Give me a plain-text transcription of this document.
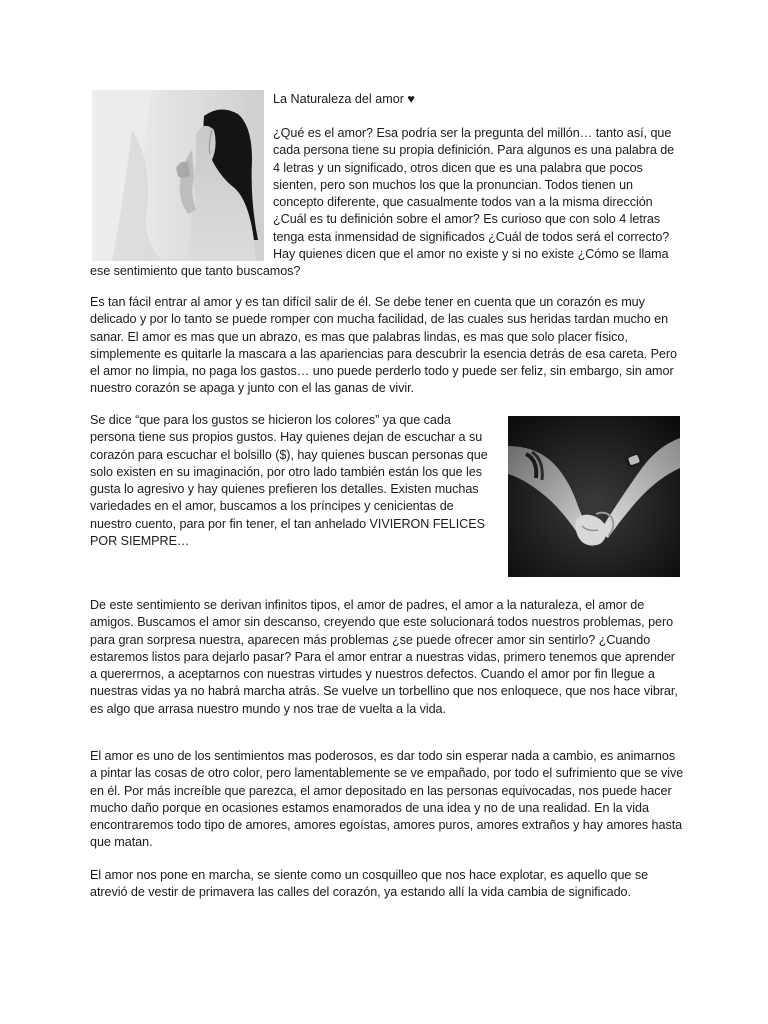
La Naturaleza del amor ♥

¿Qué es el amor? Esa podría ser la pregunta del millón… tanto así, que cada persona tiene su propia definición. Para algunos es una palabra de 4 letras y un significado, otros dicen que es una palabra que pocos sienten, pero son muchos los que la pronuncian. Todos tienen un concepto diferente, que casualmente todos van a la misma dirección ¿Cuál es tu definición sobre el amor? Es curioso que con solo 4 letras tenga esta inmensidad de significados ¿Cuál de todos será el correcto? Hay quienes dicen que el amor no existe y si no existe ¿Cómo se llama

ese sentimiento que tanto buscamos?

Es tan fácil entrar al amor y es tan difícil salir de él. Se debe tener en cuenta que un corazón es muy delicado y por lo tanto se puede romper con mucha facilidad, de las cuales sus heridas tardan mucho en sanar. El amor es mas que un abrazo, es mas que palabras lindas, es mas que solo placer físico, simplemente es quitarle la mascara a las apariencias para descubrir la esencia detrás de esa careta. Pero el amor no limpia, no paga los gastos… uno puede perderlo todo y puede ser feliz, sin embargo, sin amor nuestro corazón se apaga y junto con el las ganas de vivir.

Se dice “que para los gustos se hicieron los colores” ya que cada persona tiene sus propios gustos. Hay quienes dejan de escuchar a su corazón para escuchar el bolsillo ($), hay quienes buscan personas que solo existen en su imaginación, por otro lado también están los que les gusta lo agresivo y hay quienes prefieren los detalles. Existen muchas variedades en el amor, buscamos a los príncipes y cenicientas de nuestro cuento, para por fin tener, el tan anhelado VIVIERON FELICES POR SIEMPRE…

De este sentimiento se derivan infinitos tipos, el amor de padres, el amor a la naturaleza, el amor de amigos. Buscamos el amor sin descanso, creyendo que este solucionará todos nuestros problemas, pero para gran sorpresa nuestra, aparecen más problemas ¿se puede ofrecer amor sin sentirlo? ¿Cuando estaremos listos para dejarlo pasar? Para el amor entrar a nuestras vidas, primero tenemos que aprender a quererrnos, a aceptarnos con nuestras virtudes y nuestros defectos. Cuando el amor por fin llegue a nuestras vidas ya no habrá marcha atrás. Se vuelve un torbellino que nos enloquece, que nos hace vibrar, es algo que arrasa nuestro mundo y nos trae de vuelta a la vida.

El amor es uno de los sentimientos mas poderosos, es dar todo sin esperar nada a cambio, es animarnos a pintar las cosas de otro color, pero lamentablemente se ve empañado, por todo el sufrimiento que se vive en él. Por más increíble que parezca, el amor depositado en las personas equivocadas, nos puede hacer mucho daño porque en ocasiones estamos enamorados de una idea y no de una realidad. En la vida encontraremos todo tipo de amores, amores egoístas, amores puros, amores extraños y hay amores hasta que matan.

El amor nos pone en marcha, se siente como un cosquilleo que nos hace explotar, es aquello que se atrevió de vestir de primavera las calles del corazón, ya estando allí la vida cambia de significado.
